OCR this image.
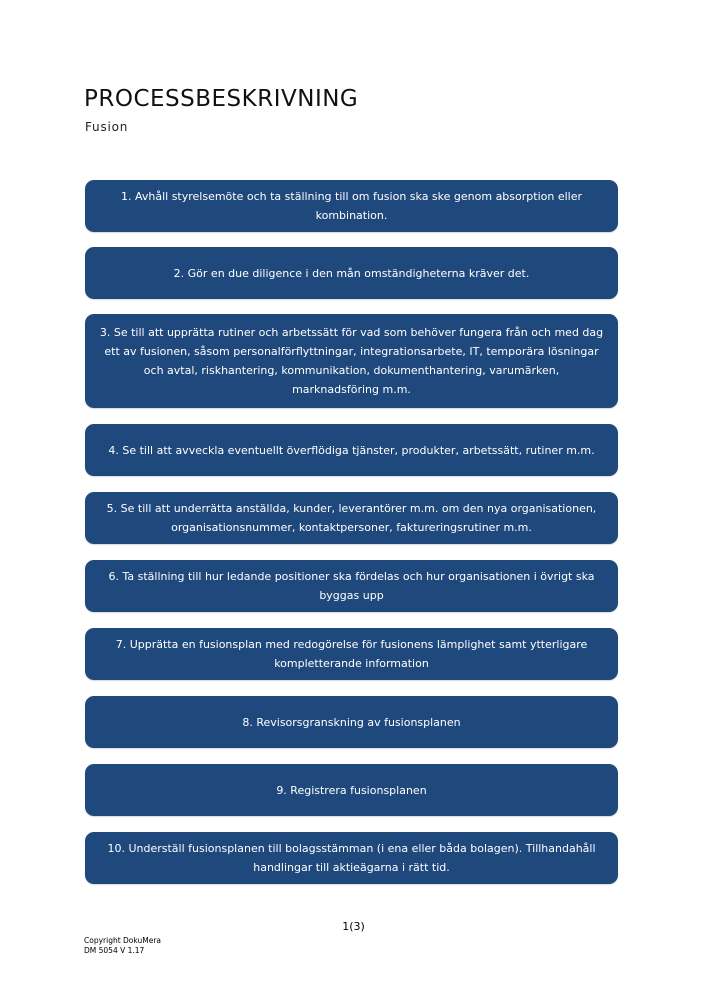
PROCESSBESKRIVNING
Fusion
1. Avhåll styrelsemöte och ta ställning till om fusion ska ske genom absorption eller kombination.
2. Gör en due diligence i den mån omständigheterna kräver det.
3. Se till att upprätta rutiner och arbetssätt för vad som behöver fungera från och med dag ett av fusionen, såsom personalförflyttningar, integrationsarbete, IT, temporära lösningar och avtal, riskhantering, kommunikation, dokumenthantering, varumärken, marknadsföring m.m.
4. Se till att avveckla eventuellt överflödiga tjänster, produkter, arbetssätt, rutiner m.m.
5. Se till att underrätta anställda, kunder, leverantörer m.m. om den nya organisationen, organisationsnummer, kontaktpersoner, faktureringsrutiner m.m.
6. Ta ställning till hur ledande positioner ska fördelas och hur organisationen i övrigt ska byggas upp
7. Upprätta en fusionsplan med redogörelse för fusionens lämplighet samt ytterligare kompletterande information
8. Revisorsgranskning av fusionsplanen
9. Registrera fusionsplanen
10. Underställ fusionsplanen till bolagsstämman (i ena eller båda bolagen). Tillhandahåll handlingar till aktieägarna i rätt tid.
1(3)
Copyright DokuMera
DM 5054 V 1.17
